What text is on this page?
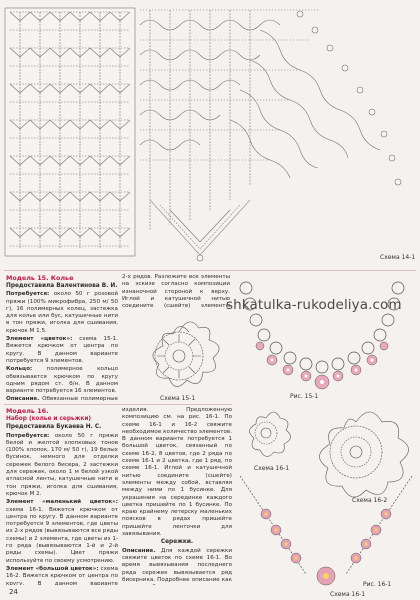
Схема 14-1

Модель 15. Колье

Предоставила Валентинова В. И.

Потребуется: около 50 г розовой пряжи (100% микрофибра, 250 м/ 50 г), 16 полимерных колец, застежка для колье или бус, катушечные нити в тон пряжи, иголка для сшивания, крючок M 1.5.

Элемент «цветок»: схема 15-1. Вяжется крючком от центра по кругу. В данном варианте потребуется 9 элементов.

Кольцо:	полимерное кольцо обвязывается крючком по кругу одним рядом ст. б/н. В данном варианте потребуется 16 элементов.

Описание. Обвязанные полимерные

2-х рядов. Разложите все элементы на эскизе согласно композиции изнаночной стороной к верху. Иглой и катушечной нитью соедините (сшейте) элементы

Схема 15-1	Рис. 15-1
shkatulka-rukodeliya.com

Модель 16.

Набор (колье и серьжки)

Предоставила Букаева Н. С.

Потребуется: около 50 г пряжи белой и желтой хлопковых тонов (100% хлопок, 170 м/ 50 г), 19 белых бусинок, немного для отделки сережек белого бисера, 2 застежки для сережек, около 1 м белой узкой атласной ленты, катушечные нити в тон пряжи, иголка для сшивания, крючок M 2.

Элемент «маленький цветок»: схема 16-1. Вяжется крючком от центра по кругу. В данном варианте потребуется 9 элементов, где цветы из 2-х рядов (вывязываются все ряды схемы) и 2 элемента, где цветы из 1-го ряда (вывязываются 1-й и 2-й ряды схемы). Цвет пряжи используйте по своему усмотрению.

Элемент «большой цветок»: схема 16-2. Вяжется крючком от центра по кругу. В данном варианте

изделия. Предложенную композицию см. на рис. 16-1. По схеме 16-1 и 16-2 свяжите необходимое количество элементов. В данном варианте потребуется 1 большой цветок, связанный по схеме 16-2, 8 цветов, где 2 ряда по схеме 16-1 и 2 цветка, где 1 ряд, по схеме 16-1. Иглой и катушечной нитью соедините (сшейте) элементы между собой, вставляя между ними по 1 бусинке. Для украшения на серединке каждого цветка пришейте по 1 бусинке. По краю крайнему летерску маленьких поясков в рядах пришейте пришейте ленточки для завязывания.

Сережки.

Описание. Для каждой сережки свяжите цветок по схеме 16-1. Во время вывязывания последнего ряда сережек вывязывается ряд бисерника. Подробнее описание как

Схема 16-1
Схема 16-2
Рис. 16-1
Схема 16-1
24
